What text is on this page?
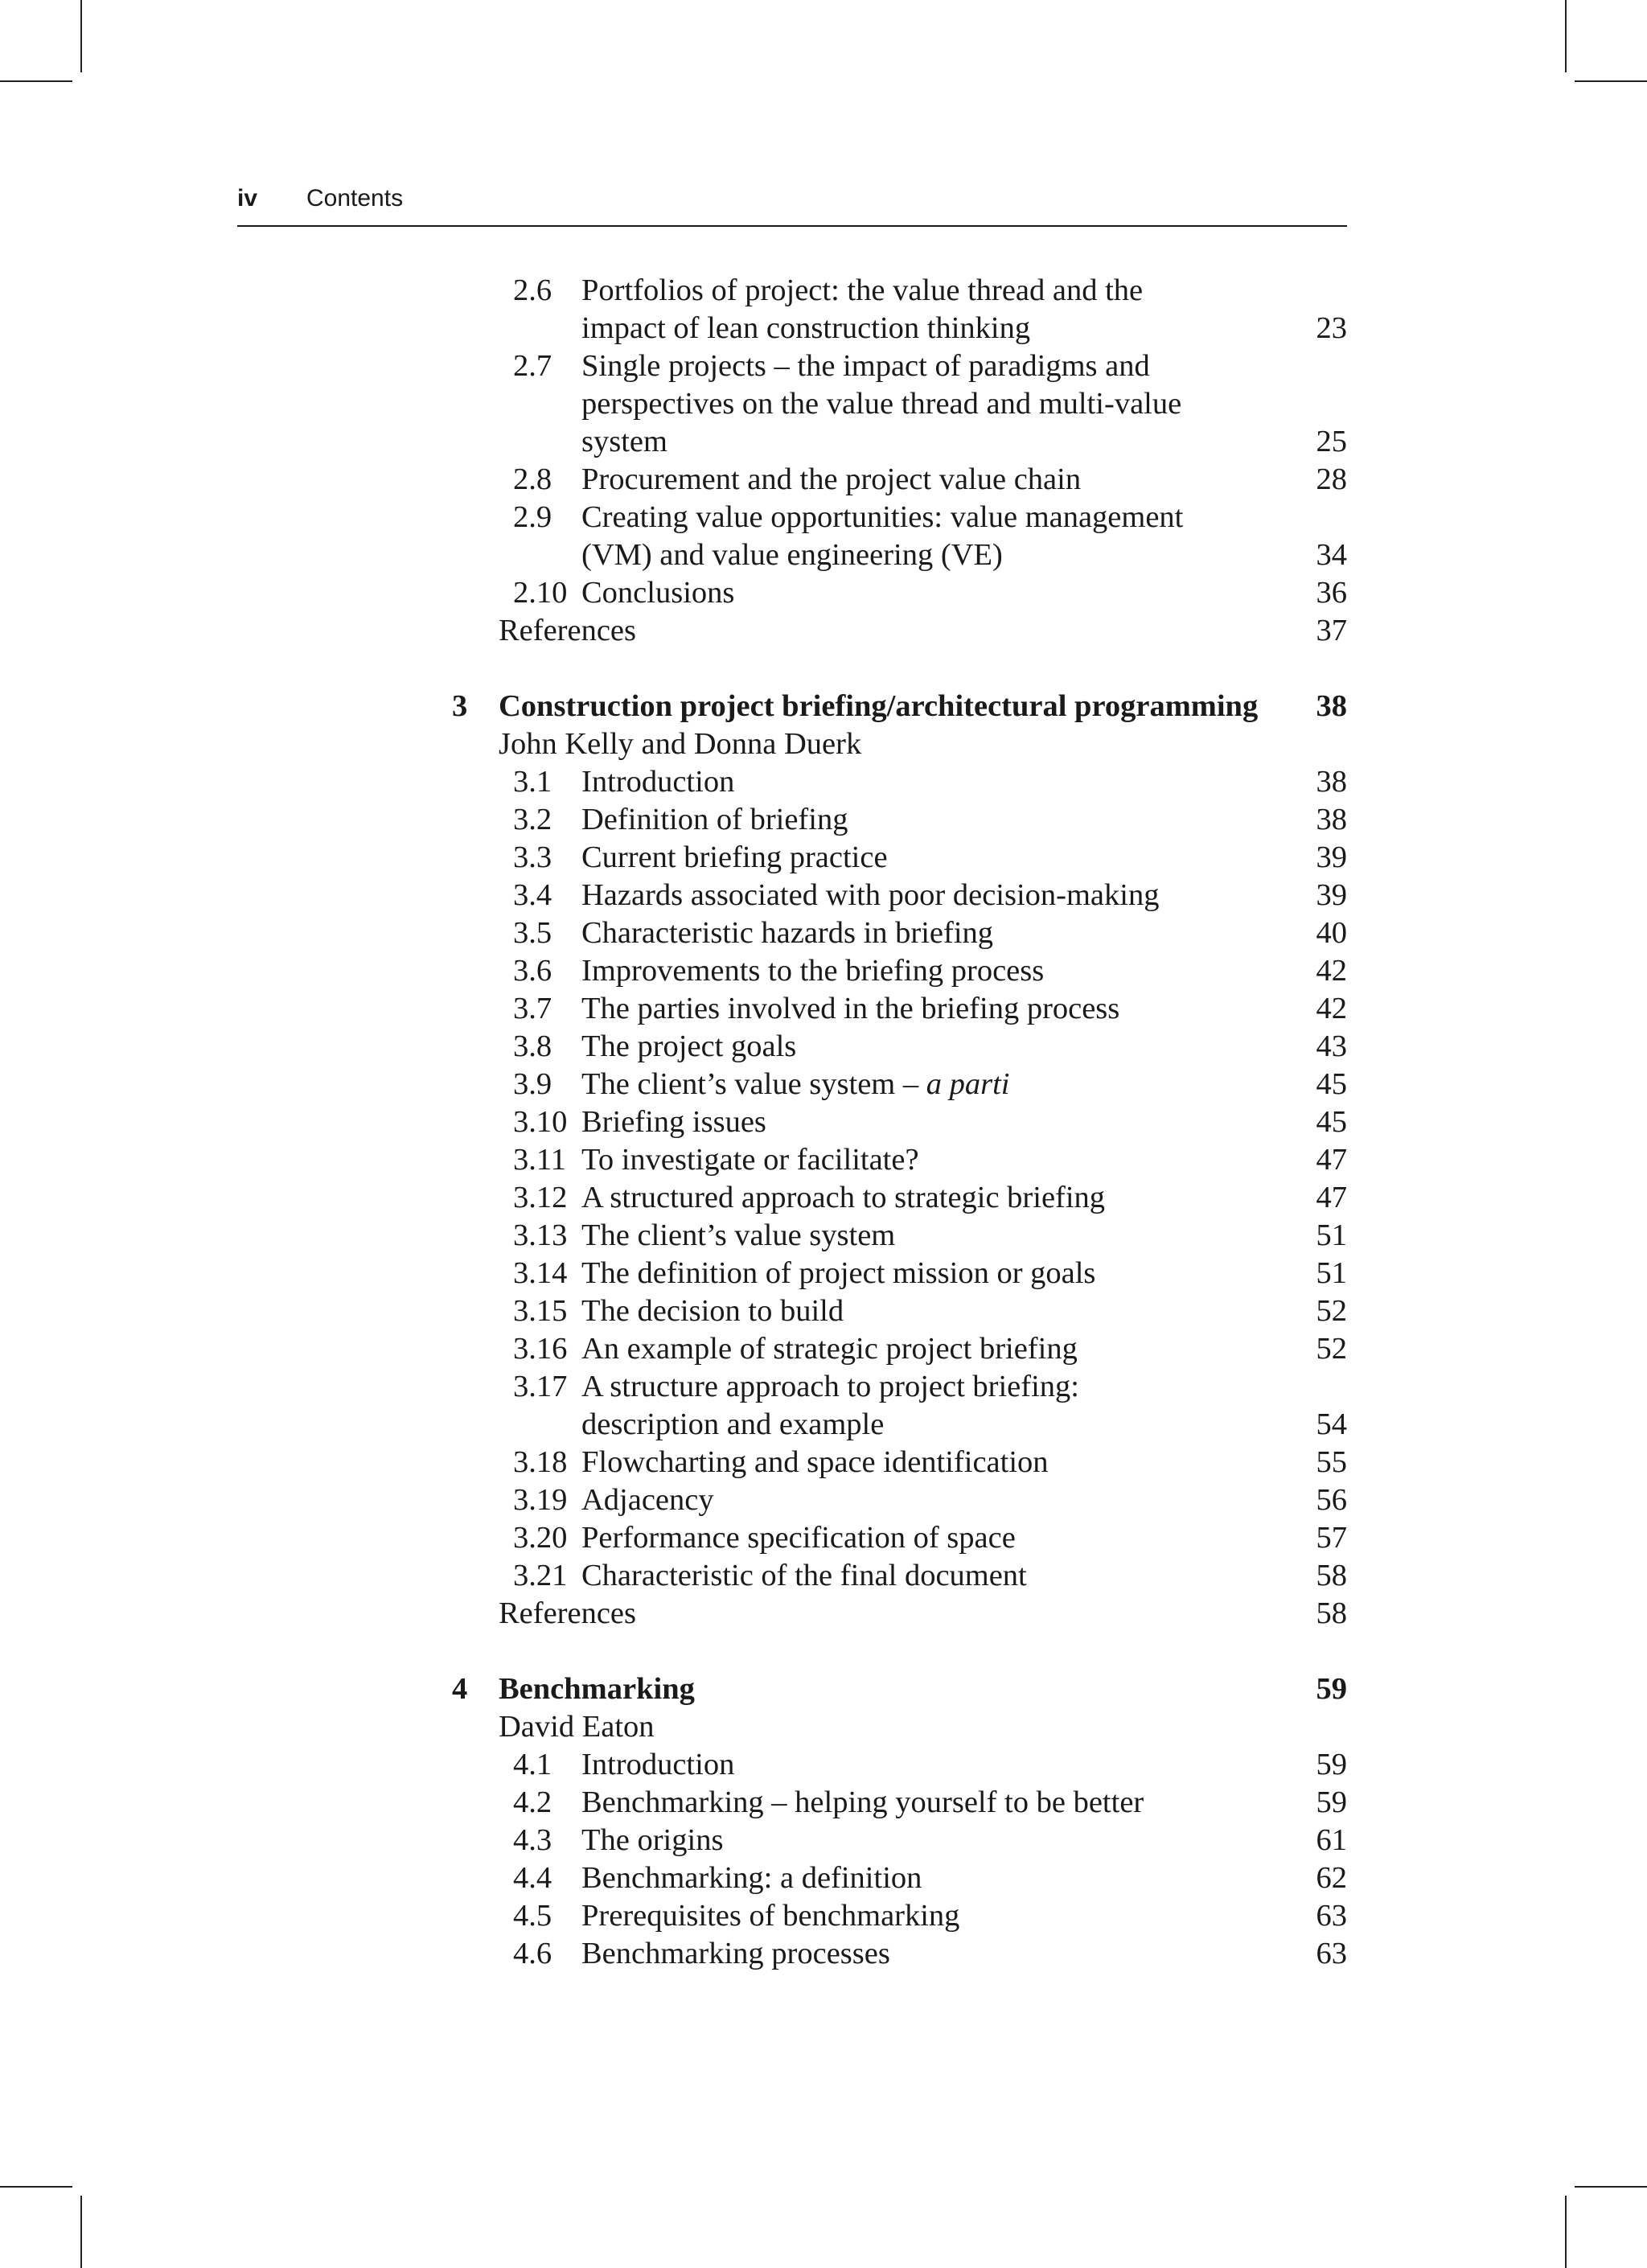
iv Contents
2.6 Portfolios of project: the value thread and the
impact of lean construction thinking	23
2.7 Single projects – the impact of paradigms and
perspectives on the value thread and multi-value
system	25
2.8 Procurement and the project value chain	28
2.9 Creating value opportunities: value management
(VM) and value engineering (VE)	34
2.10 Conclusions	36
References	37
3 Construction project briefing/architectural programming 38
John Kelly and Donna Duerk
3.1 Introduction	38
3.2 Definition of briefing	38
3.3 Current briefing practice	39
3.4 Hazards associated with poor decision-making	39
3.5 Characteristic hazards in briefing	40
3.6 Improvements to the briefing process	42
3.7 The parties involved in the briefing process	42
3.8 The project goals	43
3.9 The client’s value system – a parti	45
3.10 Briefing issues	45
3.11 To investigate or facilitate?	47
3.12 A structured approach to strategic briefing	47
3.13 The client’s value system	51
3.14 The definition of project mission or goals	51
3.15 The decision to build	52
3.16 An example of strategic project briefing	52
3.17 A structure approach to project briefing:
description and example	54
3.18 Flowcharting and space identification	55
3.19 Adjacency	56
3.20 Performance specification of space	57
3.21 Characteristic of the final document	58
References	58
4 Benchmarking	59
David Eaton
4.1 Introduction	59
4.2 Benchmarking – helping yourself to be better	59
4.3 The origins	61
4.4 Benchmarking: a definition	62
4.5 Prerequisites of benchmarking	63
4.6 Benchmarking processes	63
